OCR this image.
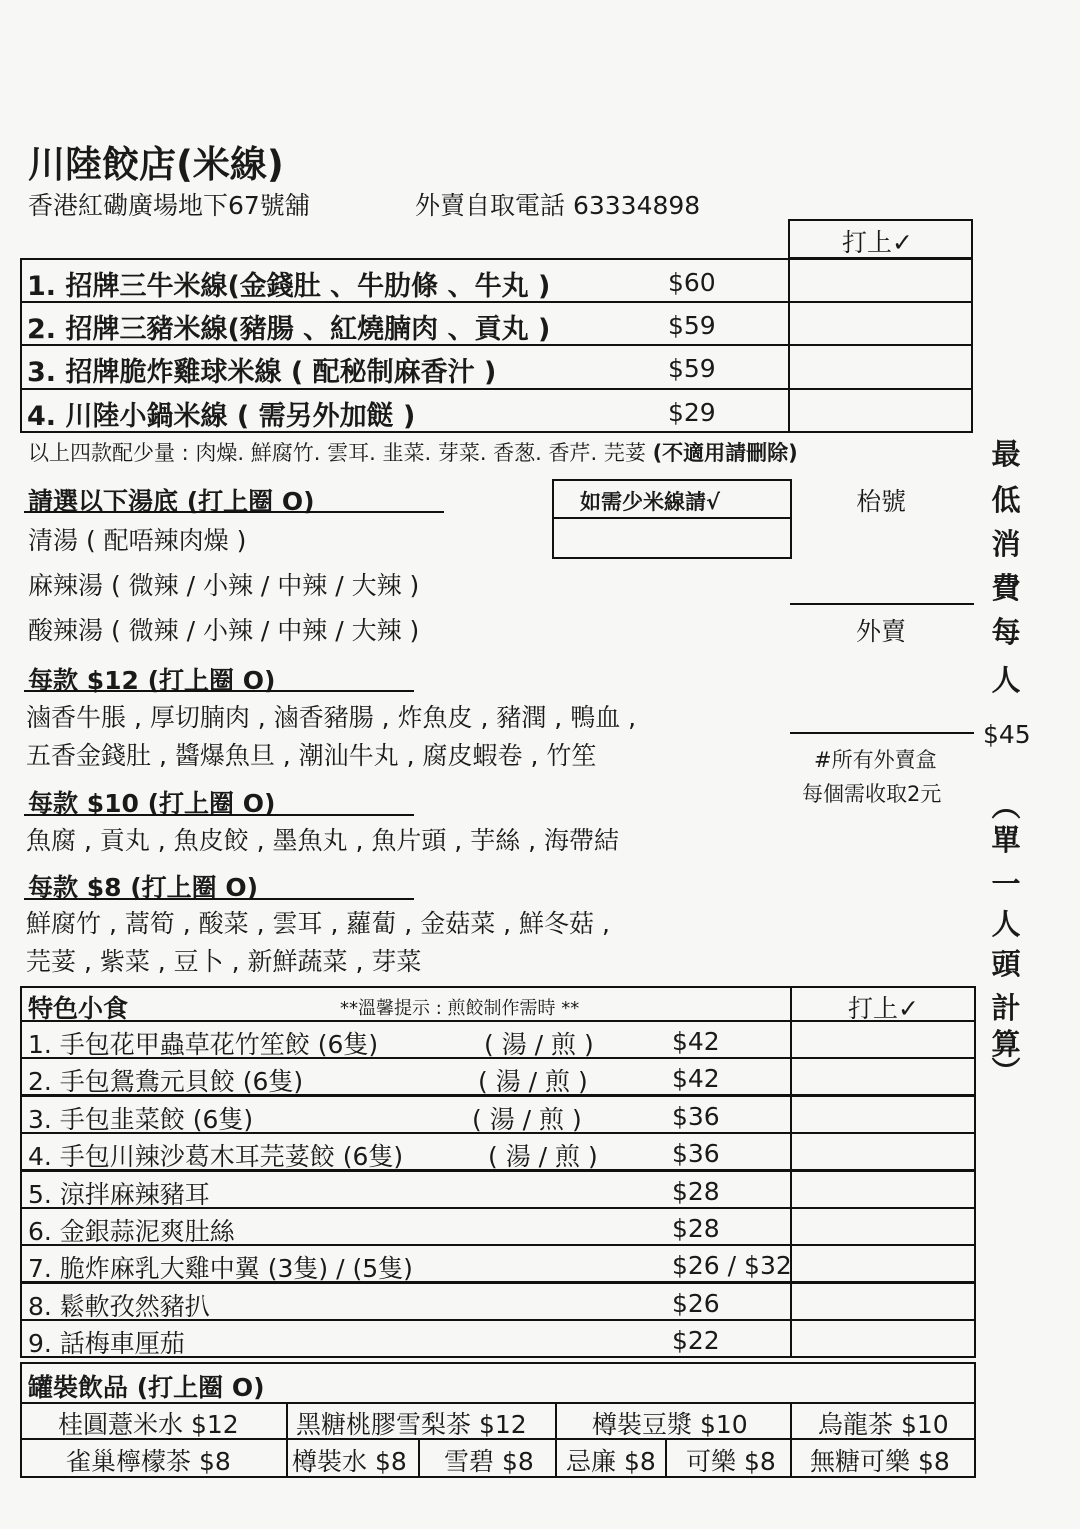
川陸餃店(米線)
香港紅磡廣場地下67號舖	外賣自取電話 63334898
打上✓
1. 招牌三牛米線(金錢肚 、牛肋條 、牛丸 )	$60
2. 招牌三豬米線(豬腸 、紅燒腩肉 、貢丸 )	$59
3. 招牌脆炸雞球米線 ( 配秘制麻香汁 )	$59
4. 川陸小鍋米線 ( 需另外加餸 )	$29
以上四款配少量 : 肉燥. 鮮腐竹. 雲耳. 韭菜. 芽菜. 香葱. 香芹. 芫荽 (不適用請刪除)
請選以下湯底 (打上圈 O)
清湯 ( 配唔辣肉燥 )
麻辣湯 ( 微辣 / 小辣 / 中辣 / 大辣 )
酸辣湯 ( 微辣 / 小辣 / 中辣 / 大辣 )
如需少米線請√	枱號
外賣
#所有外賣盒
每個需收取2元
最
低
消
費
每
人
$45
︵
單
一
人
頭
計
算
︶
每款 $12 (打上圈 O)
滷香牛脹 , 厚切腩肉 , 滷香豬腸 , 炸魚皮 , 豬潤 , 鴨血 ,
五香金錢肚 , 醬爆魚旦 , 潮汕牛丸 , 腐皮蝦卷 , 竹笙
每款 $10 (打上圈 O)
魚腐 , 貢丸 , 魚皮餃 , 墨魚丸 , 魚片頭 , 芋絲 , 海帶結
每款 $8 (打上圈 O)
鮮腐竹 , 蒿筍 , 酸菜 , 雲耳 , 蘿蔔 , 金菇菜 , 鮮冬菇 ,
芫荽 , 紫菜 , 豆卜 , 新鮮蔬菜 , 芽菜
特色小食	**溫馨提示 : 煎餃制作需時 **	打上✓
1. 手包花甲蟲草花竹笙餃 (6隻)	( 湯 / 煎 )	$42
2. 手包鴛鴦元貝餃 (6隻)	( 湯 / 煎 )	$42
3. 手包韭菜餃 (6隻)	( 湯 / 煎 )	$36
4. 手包川辣沙葛木耳芫荽餃 (6隻)	( 湯 / 煎 )	$36
5. 涼拌麻辣豬耳	$28
6. 金銀蒜泥爽肚絲	$28
7. 脆炸麻乳大雞中翼 (3隻) / (5隻)	$26 / $32
8. 鬆軟孜然豬扒	$26
9. 話梅車厘茄	$22
罐裝飲品 (打上圈 O)
桂圓薏米水 $12 黑糖桃膠雪梨茶 $12	樽裝豆漿 $10	烏龍茶 $10
雀巢檸檬茶 $8 樽裝水 $8 雪碧 $8 忌廉 $8 可樂 $8 無糖可樂 $8
